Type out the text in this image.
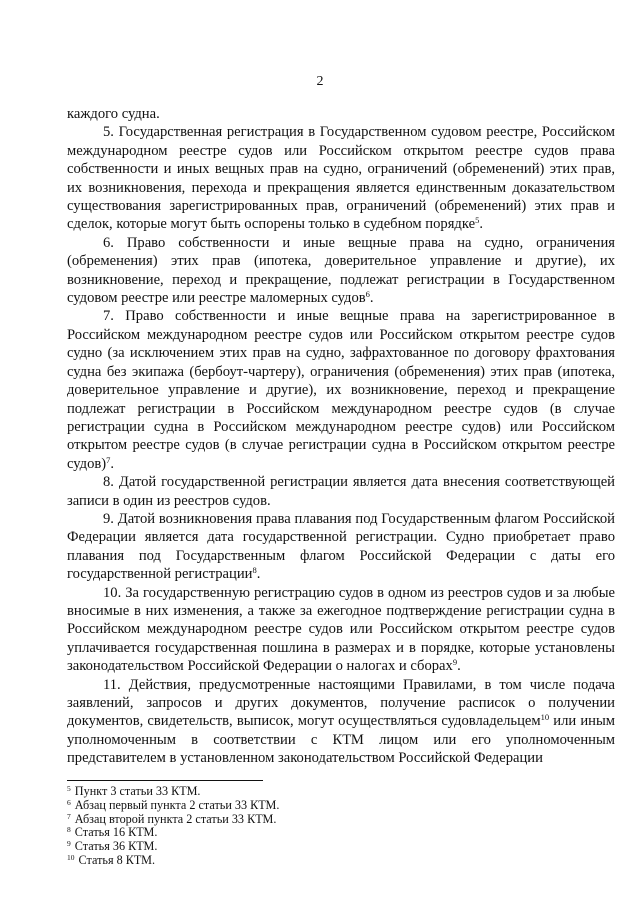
2

каждого судна.

5. Государственная регистрация в Государственном судовом реестре, Российском международном реестре судов или Российском открытом реестре судов права собственности и иных вещных прав на судно, ограничений (обременений) этих прав, их возникновения, перехода и прекращения является единственным доказательством существования зарегистрированных прав, ограничений (обременений) этих прав и сделок, которые могут быть оспорены только в судебном порядке$^5$.

6. Право собственности и иные вещные права на судно, ограничения (обременения) этих прав (ипотека, доверительное управление и другие), их возникновение, переход и прекращение, подлежат регистрации в Государственном судовом реестре или реестре маломерных судов$^6$.

7. Право собственности и иные вещные права на зарегистрированное в Российском международном реестре судов или Российском открытом реестре судов судно (за исключением этих прав на судно, зафрахтованное по договору фрахтования судна без экипажа (бербоут-чартеру), ограничения (обременения) этих прав (ипотека, доверительное управление и другие), их возникновение, переход и прекращение подлежат регистрации в Российском международном реестре судов (в случае регистрации судна в Российском международном реестре судов) или Российском открытом реестре судов (в случае регистрации судна в Российском открытом реестре судов)$^7$.

8. Датой государственной регистрации является дата внесения соответствующей записи в один из реестров судов.

9. Датой возникновения права плавания под Государственным флагом Российской Федерации является дата государственной регистрации. Судно приобретает право плавания под Государственным флагом Российской Федерации с даты его государственной регистрации$^8$.

10. За государственную регистрацию судов в одном из реестров судов и за любые вносимые в них изменения, а также за ежегодное подтверждение регистрации судна в Российском международном реестре судов или Российском открытом реестре судов уплачивается государственная пошлина в размерах и в порядке, которые установлены законодательством Российской Федерации о налогах и сборах$^9$.

11. Действия, предусмотренные настоящими Правилами, в том числе подача заявлений, запросов и других документов, получение расписок о получении документов, свидетельств, выписок, могут осуществляться судовладельцем$^{10}$ или иным уполномоченным в соответствии с КТМ лицом или его уполномоченным представителем в установленном законодательством Российской Федерации

$^5$ Пункт 3 статьи 33 КТМ.
$^6$ Абзац первый пункта 2 статьи 33 КТМ.
$^7$ Абзац второй пункта 2 статьи 33 КТМ.
$^8$ Статья 16 КТМ.
$^9$ Статья 36 КТМ.
$^{10}$ Статья 8 КТМ.
